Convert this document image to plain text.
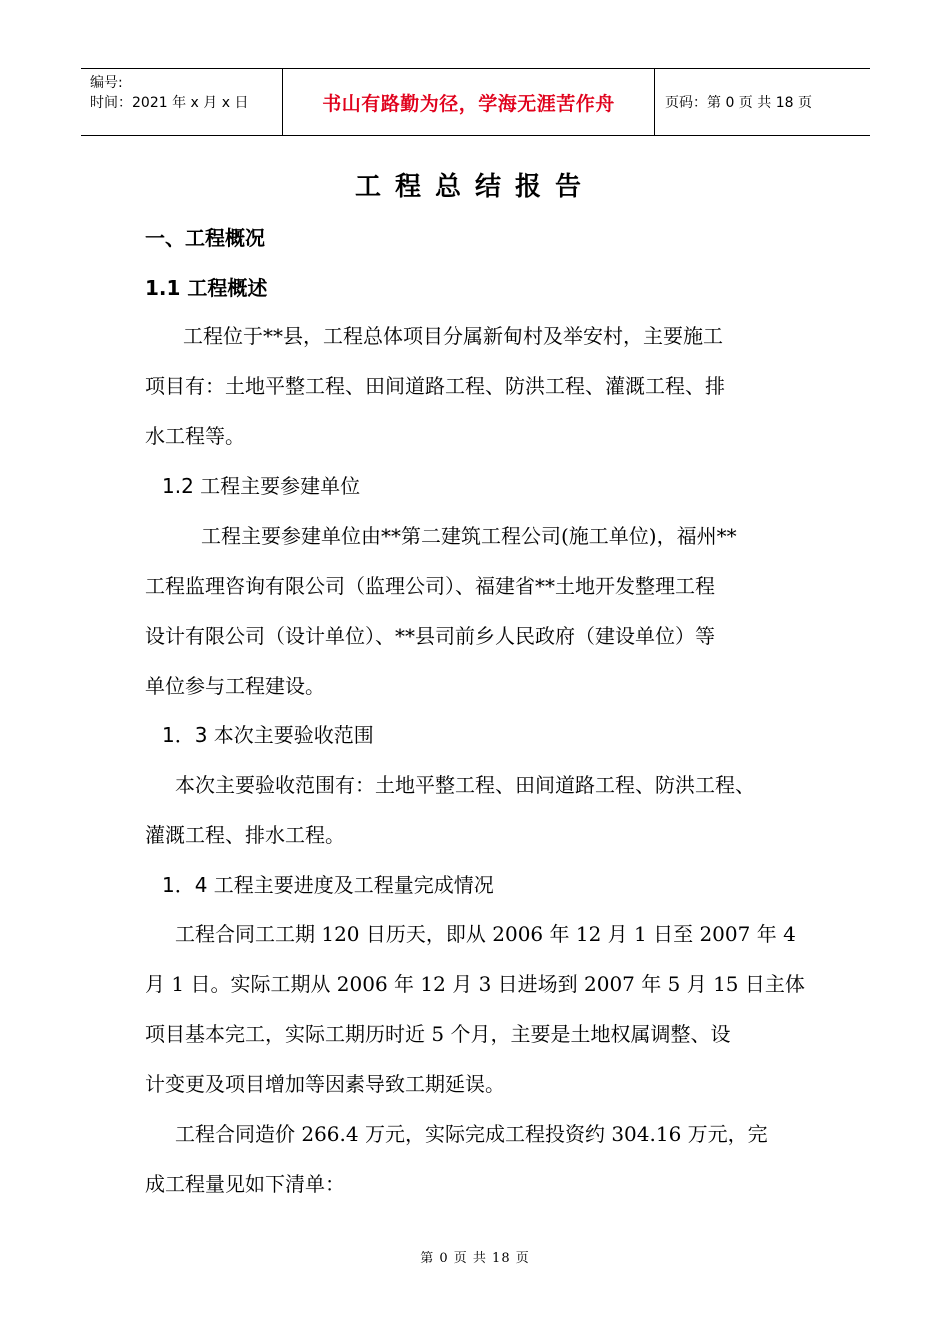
编号:
时间：2021 年 x 月 x 日	书山有路勤为径，学海无涯苦作舟	页码：第 0 页 共 18 页
工程总结报告
一、工程概况
1.1 工程概述
工程位于**县，工程总体项目分属新甸村及举安村，主要施工
项目有：土地平整工程、田间道路工程、防洪工程、灌溉工程、排
水工程等。
1.2 工程主要参建单位
工程主要参建单位由**第二建筑工程公司(施工单位)，福州**
工程监理咨询有限公司（监理公司）、福建省**土地开发整理工程
设计有限公司（设计单位）、**县司前乡人民政府（建设单位）等
单位参与工程建设。
1．3 本次主要验收范围
本次主要验收范围有：土地平整工程、田间道路工程、防洪工程、
灌溉工程、排水工程。
1．4 工程主要进度及工程量完成情况
工程合同工工期 120 日历天，即从 2006 年 12 月 1 日至 2007 年 4
月 1 日。实际工期从 2006 年 12 月 3 日进场到 2007 年 5 月 15 日主体
项目基本完工，实际工期历时近 5 个月，主要是土地权属调整、设
计变更及项目增加等因素导致工期延误。
工程合同造价 266.4 万元，实际完成工程投资约 304.16 万元，完
成工程量见如下清单：
第 0 页 共 18 页
